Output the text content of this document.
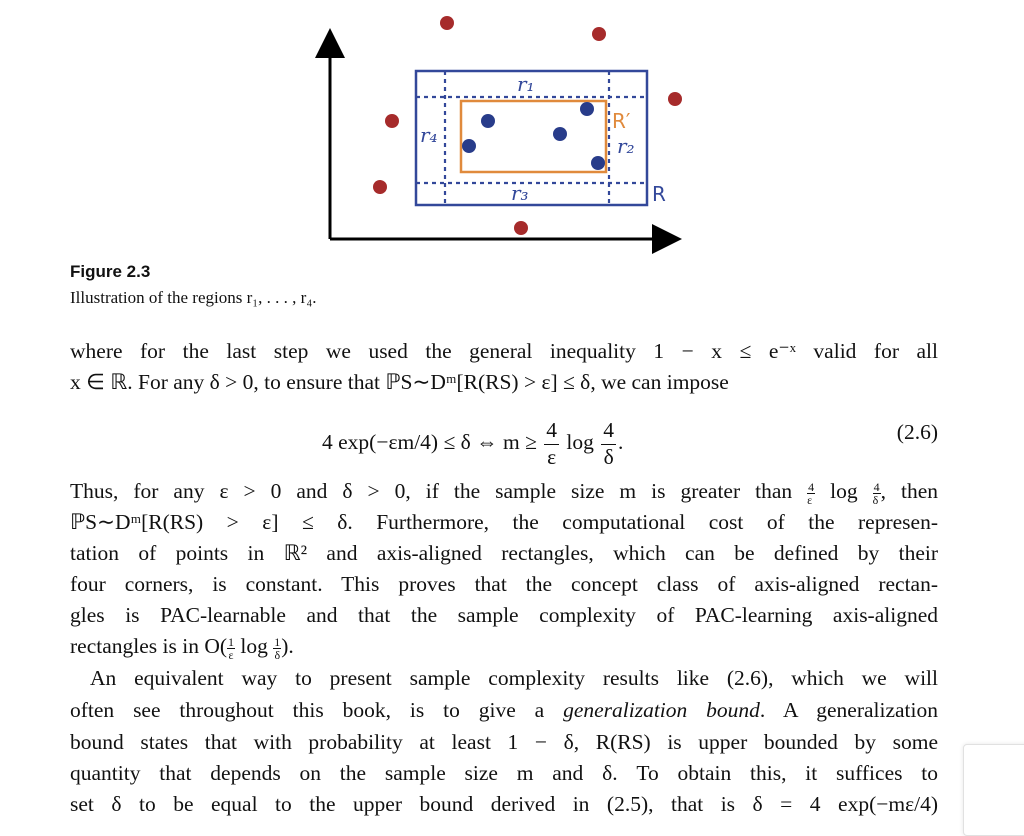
r₁
r₄	r₂
r₃
R′
R
Figure 2.3
Illustration of the regions r₁, . . . , r₄.
where for the last step we used the general inequality 1 − x ≤ e⁻ˣ valid for all
x ∈ ℝ. For any δ > 0, to ensure that ℙS∼Dᵐ[R(RS) > ε] ≤ δ, we can impose
4 exp(−εm/4) ≤ δ ⇔ $m \ge \frac{4}{\varepsilon}$ $\log \frac{4}{\delta}$ .	(2.6)
Thus, for any ε > 0 and δ > 0, if the sample size m is greater than $\frac{4}{\varepsilon}$ $\log \frac{4}{\delta}$ , then
ℙS∼Dᵐ[R(RS) > ε] ≤ δ. Furthermore, the computational cost of the represen-
tation of points in ℝ² and axis-aligned rectangles, which can be defined by their
four corners, is constant. This proves that the concept class of axis-aligned rectan-
gles is PAC-learnable and that the sample complexity of PAC-learning axis-aligned
rectangles is in $O( \frac{1}{\varepsilon}$ $\log \frac{1}{\delta}$ ).
An equivalent way to present sample complexity results like (2.6), which we will
often see throughout this book, is to give a generalization bound. A generalization
bound states that with probability at least 1 − δ, R(RS) is upper bounded by some
quantity that depends on the sample size m and δ. To obtain this, it suffices to
set δ to be equal to the upper bound derived in (2.5), that is δ = 4 exp(−mε/4)
